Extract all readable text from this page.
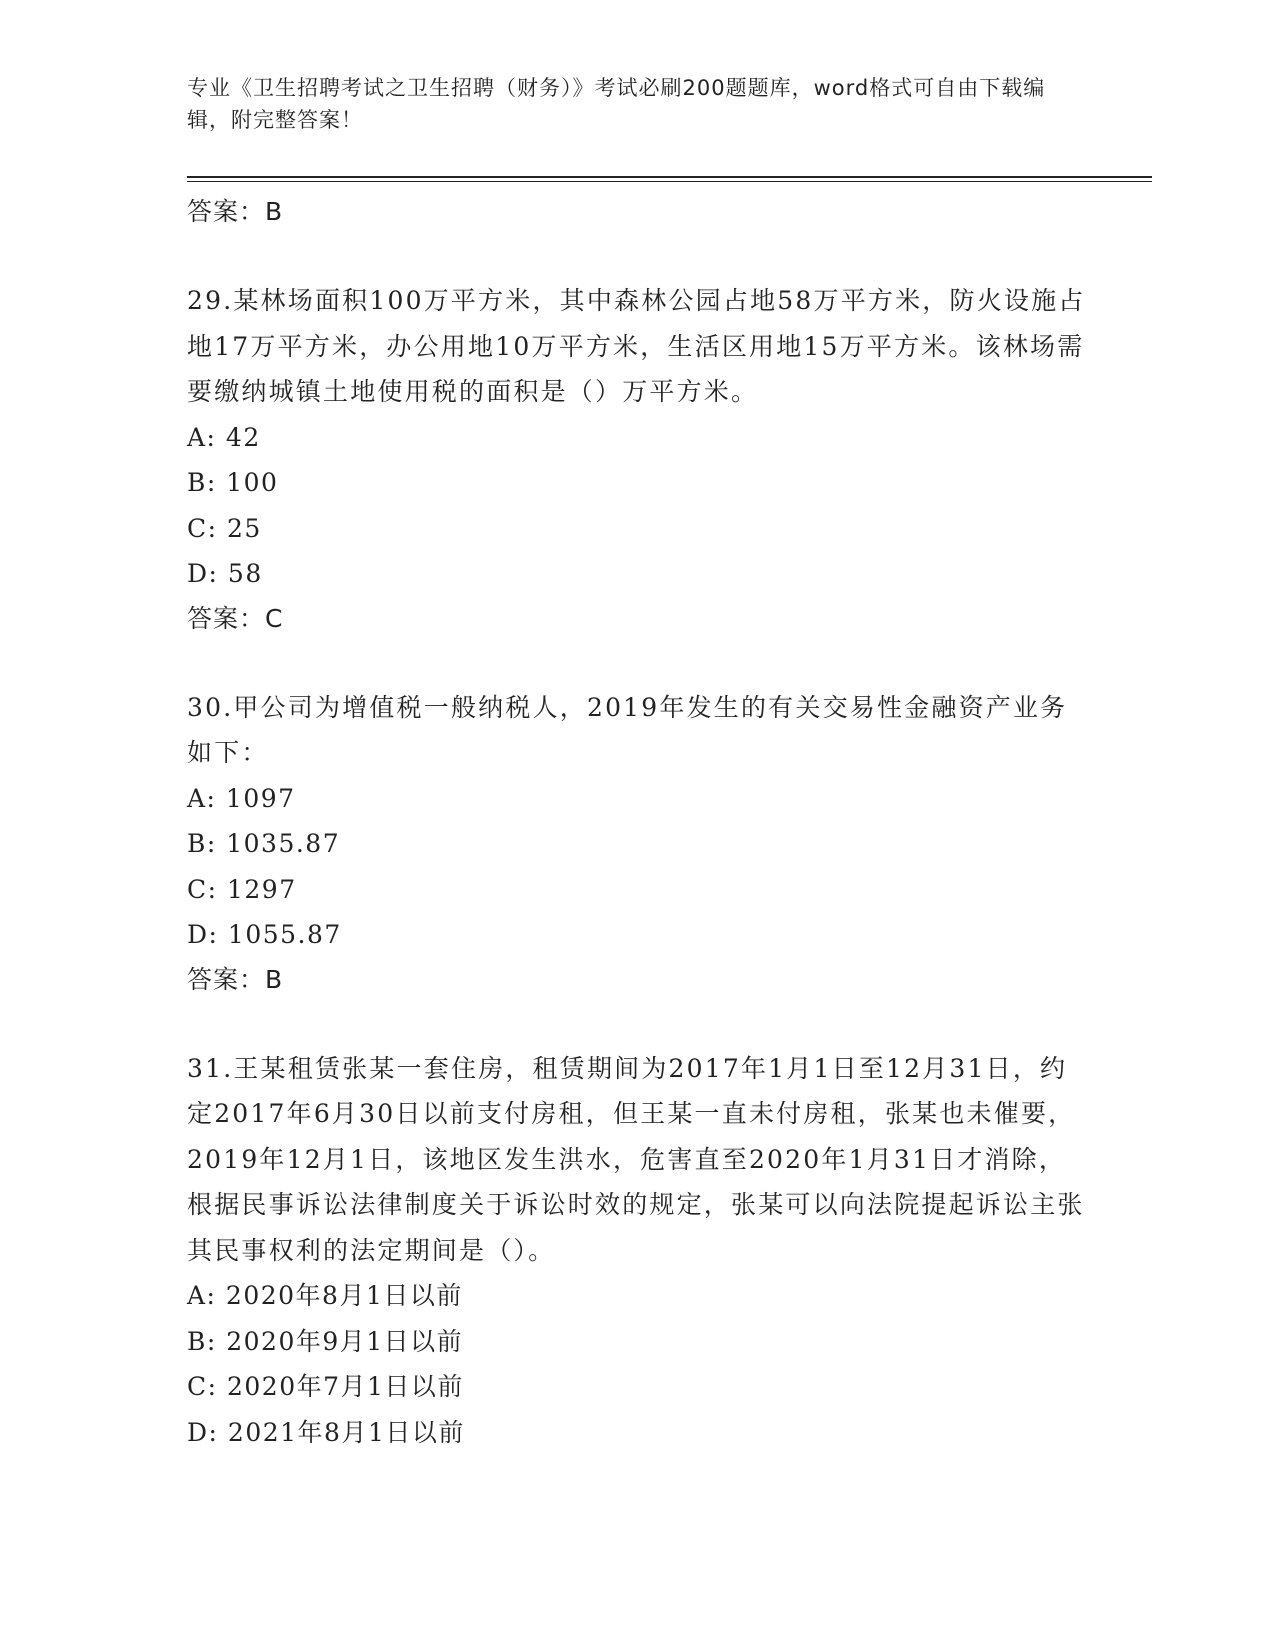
专业《卫生招聘考试之卫生招聘（财务）》考试必刷200题题库，word格式可自由下载编辑，附完整答案！
答案：B
29.某林场面积100万平方米，其中森林公园占地58万平方米，防火设施占地17万平方米，办公用地10万平方米，生活区用地15万平方米。该林场需要缴纳城镇土地使用税的面积是（）万平方米。
A: 42
B: 100
C: 25
D: 58
答案：C
30.甲公司为增值税一般纳税人，2019年发生的有关交易性金融资产业务如下：
A: 1097
B: 1035.87
C: 1297
D: 1055.87
答案：B
31.王某租赁张某一套住房，租赁期间为2017年1月1日至12月31日，约定2017年6月30日以前支付房租，但王某一直未付房租，张某也未催要，2019年12月1日，该地区发生洪水，危害直至2020年1月31日才消除，根据民事诉讼法律制度关于诉讼时效的规定，张某可以向法院提起诉讼主张其民事权利的法定期间是（）。
A: 2020年8月1日以前
B: 2020年9月1日以前
C: 2020年7月1日以前
D: 2021年8月1日以前
